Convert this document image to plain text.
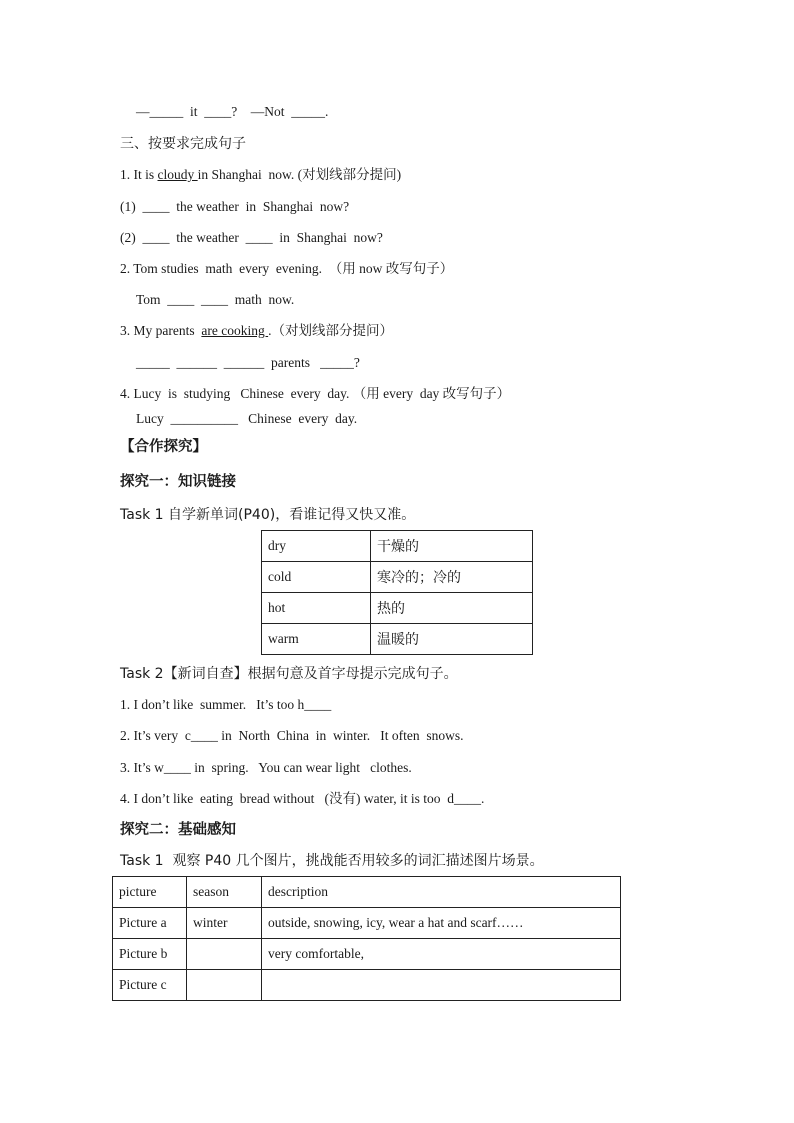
—_____  it  ____?    —Not  _____.
三、按要求完成句子
1. It is cloudy in Shanghai  now. (对划线部分提问)
(1)  ____  the weather  in  Shanghai  now?
(2)  ____  the weather  ____  in  Shanghai  now?
2. Tom studies  math  every  evening.  （用 now 改写句子）
Tom  ____  ____  math  now.
3. My parents  are cooking .（对划线部分提问）
_____  ______  ______  parents   _____?
4. Lucy  is  studying   Chinese  every  day. （用 every  day 改写句子）
Lucy  __________   Chinese  every  day.
【合作探究】
探究一：知识链接
Task 1 自学新单词(P40)，看谁记得又快又准。
dry	干燥的
cold	寒冷的；冷的
hot	热的
warm	温暖的
Task 2【新词自查】根据句意及首字母提示完成句子。
1. I don’t like  summer.   It’s too h____
2. It’s very  c____ in  North  China  in  winter.   It often  snows.
3. It’s w____ in  spring.   You can wear light   clothes.
4. I don’t like  eating  bread without   (没有) water, it is too  d____.
探究二：基础感知
Task 1  观察 P40 几个图片，挑战能否用较多的词汇描述图片场景。
picture	season	description
Picture a	winter	outside, snowing, icy, wear a hat and scarf……
Picture b		very comfortable,
Picture c		
